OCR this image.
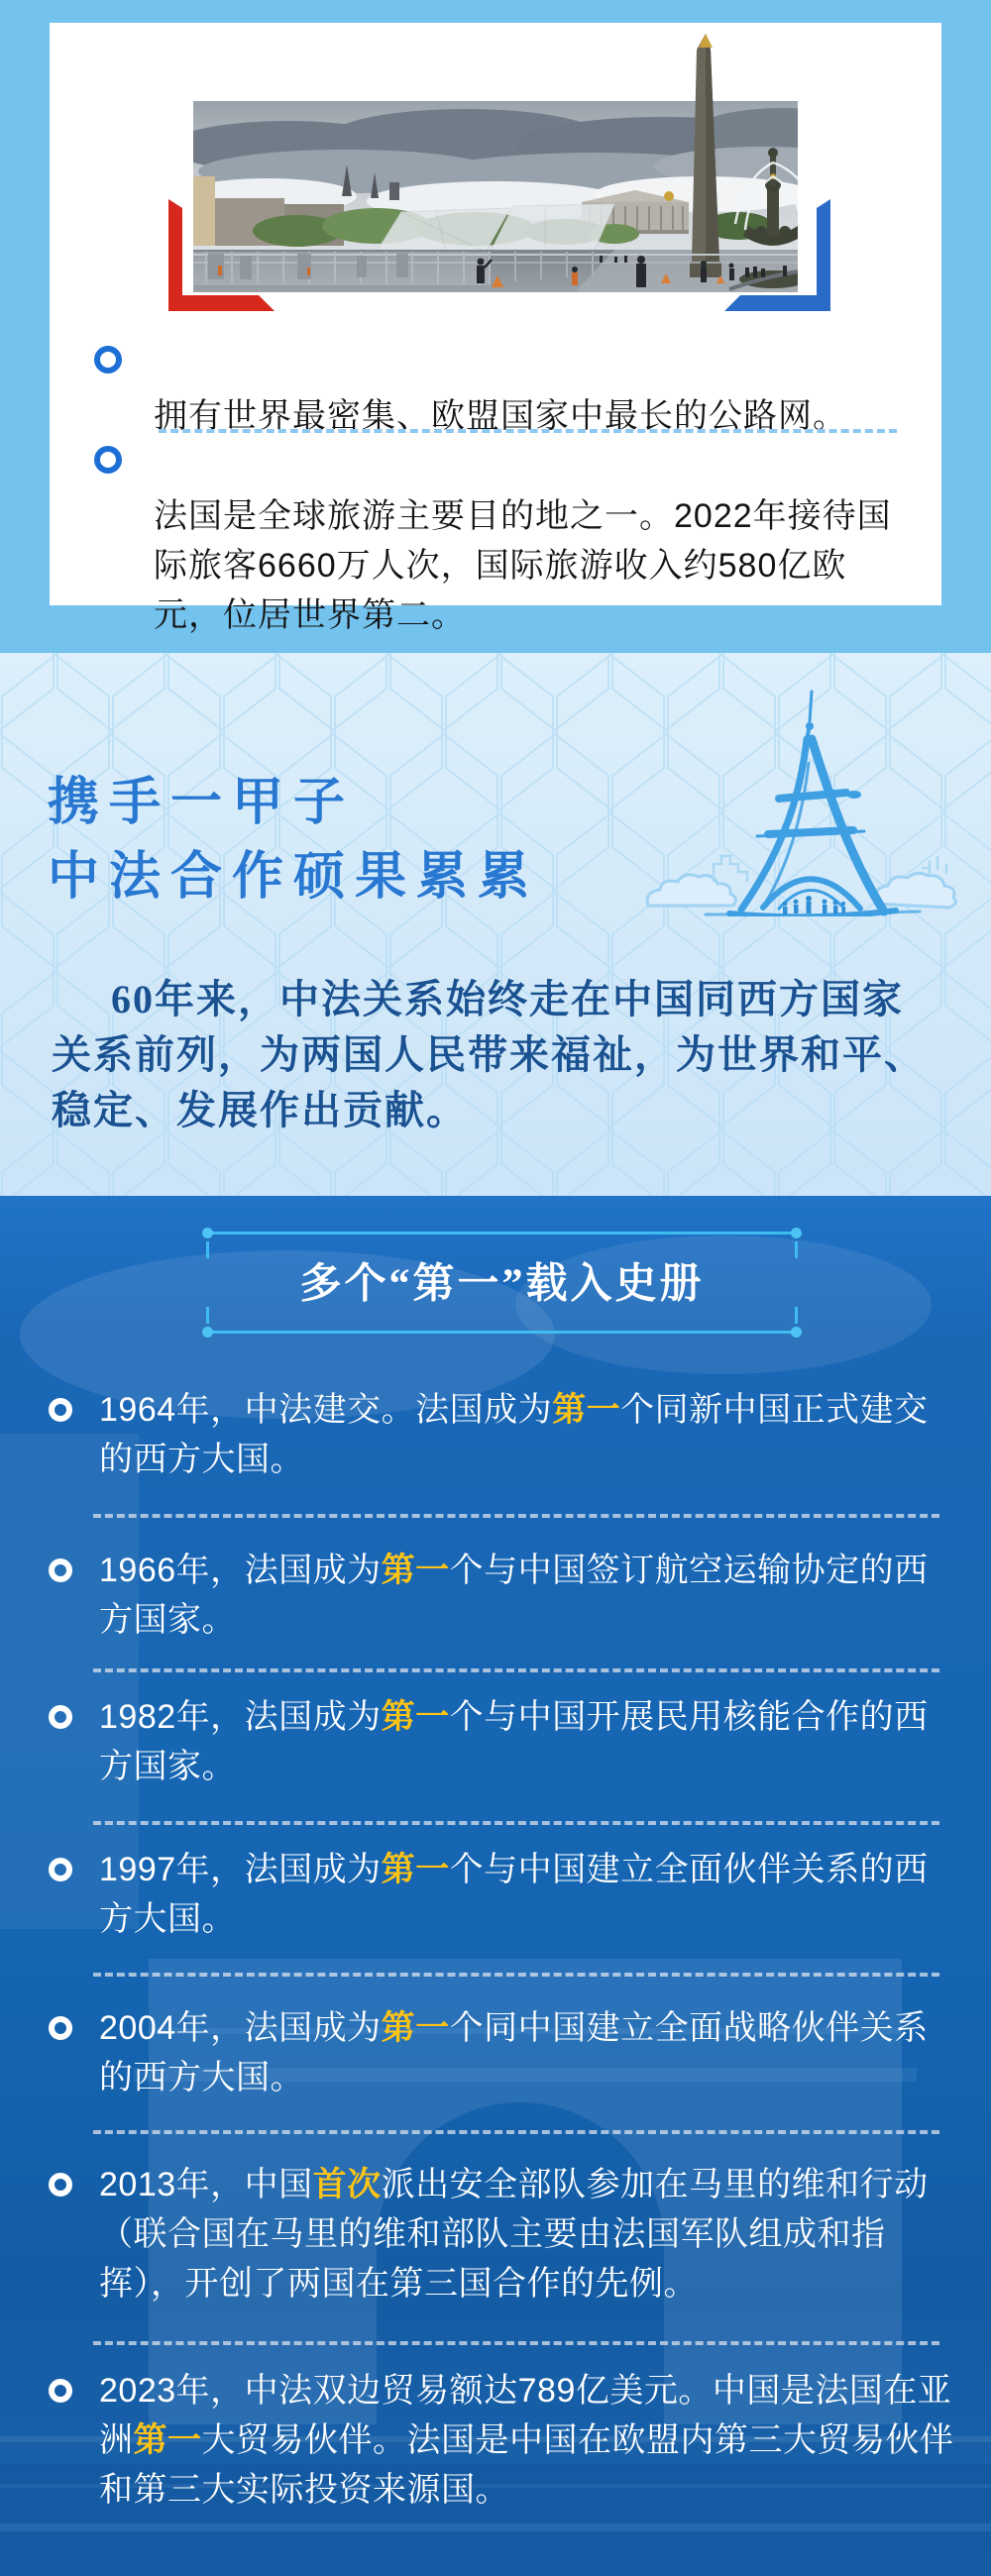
拥有世界最密集、欧盟国家中最长的公路网。

法国是全球旅游主要目的地之一。2022年接待国际旅客6660万人次，国际旅游收入约580亿欧元，位居世界第二。

携手一甲子
中法合作硕果累累

60年来，中法关系始终走在中国同西方国家关系前列，为两国人民带来福祉，为世界和平、稳定、发展作出贡献。

多个“第一”载入史册

1964年，中法建交。法国成为第一个同新中国正式建交的西方大国。

1966年，法国成为第一个与中国签订航空运输协定的西方国家。

1982年，法国成为第一个与中国开展民用核能合作的西方国家。

1997年，法国成为第一个与中国建立全面伙伴关系的西方大国。

2004年，法国成为第一个同中国建立全面战略伙伴关系的西方大国。

2013年，中国首次派出安全部队参加在马里的维和行动（联合国在马里的维和部队主要由法国军队组成和指挥），开创了两国在第三国合作的先例。

2023年，中法双边贸易额达789亿美元。中国是法国在亚洲第一大贸易伙伴。法国是中国在欧盟内第三大贸易伙伴和第三大实际投资来源国。
